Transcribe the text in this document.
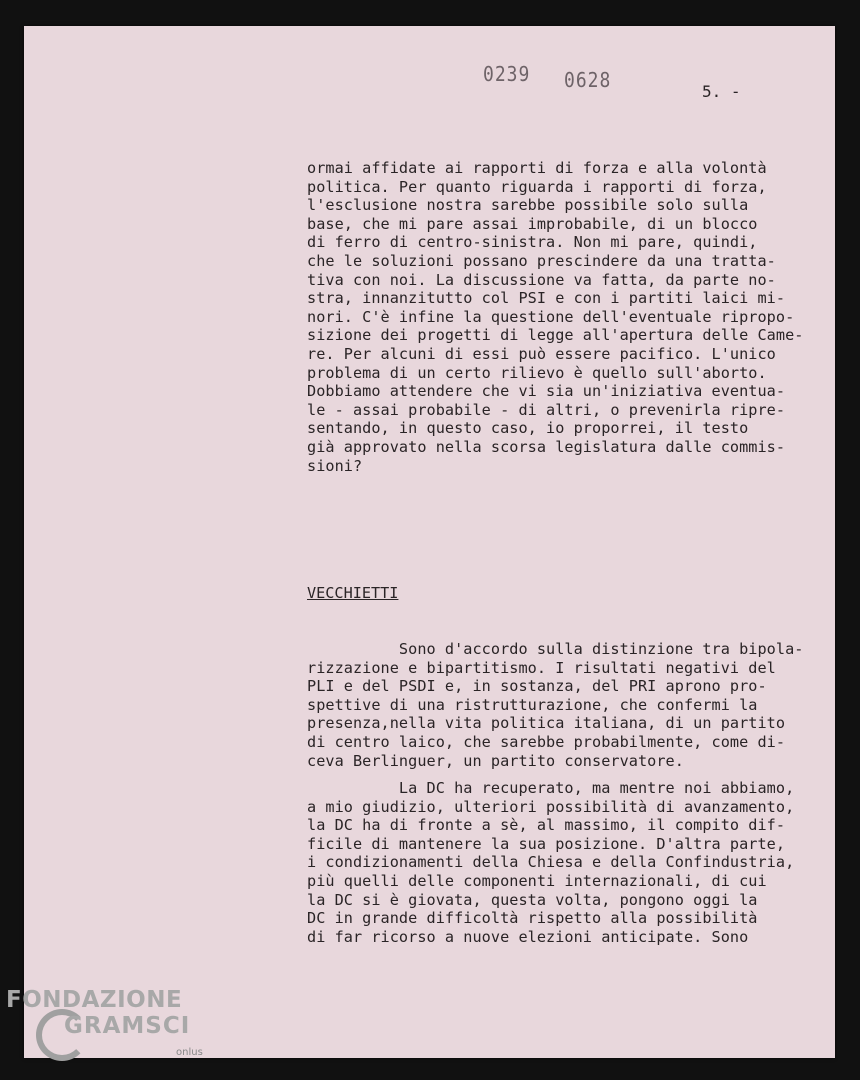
0239 0628	5. -
ormai affidate ai rapporti di forza e alla volontà
politica. Per quanto riguarda i rapporti di forza,
l'esclusione nostra sarebbe possibile solo sulla
base, che mi pare assai improbabile, di un blocco
di ferro di centro-sinistra. Non mi pare, quindi,
che le soluzioni possano prescindere da una tratta-
tiva con noi. La discussione va fatta, da parte no-
stra, innanzitutto col PSI e con i partiti laici mi-
nori. C'è infine la questione dell'eventuale ripropo-
sizione dei progetti di legge all'apertura delle Came-
re. Per alcuni di essi può essere pacifico. L'unico
problema di un certo rilievo è quello sull'aborto.
Dobbiamo attendere che vi sia un'iniziativa eventua-
le - assai probabile - di altri, o prevenirla ripre-
sentando, in questo caso, io proporrei, il testo
già approvato nella scorsa legislatura dalle commis-
sioni?
VECCHIETTI
Sono d'accordo sulla distinzione tra bipola-
rizzazione e bipartitismo. I risultati negativi del
PLI e del PSDI e, in sostanza, del PRI aprono pro-
spettive di una ristrutturazione, che confermi la
presenza,nella vita politica italiana, di un partito
di centro laico, che sarebbe probabilmente, come di-
ceva Berlinguer, un partito conservatore.
La DC ha recuperato, ma mentre noi abbiamo,
a mio giudizio, ulteriori possibilità di avanzamento,
la DC ha di fronte a sè, al massimo, il compito dif-
ficile di mantenere la sua posizione. D'altra parte,
i condizionamenti della Chiesa e della Confindustria,
più quelli delle componenti internazionali, di cui
la DC si è giovata, questa volta, pongono oggi la
DC in grande difficoltà rispetto alla possibilità
di far ricorso a nuove elezioni anticipate. Sono
FONDAZIONE
GRAMSCI
onlus
